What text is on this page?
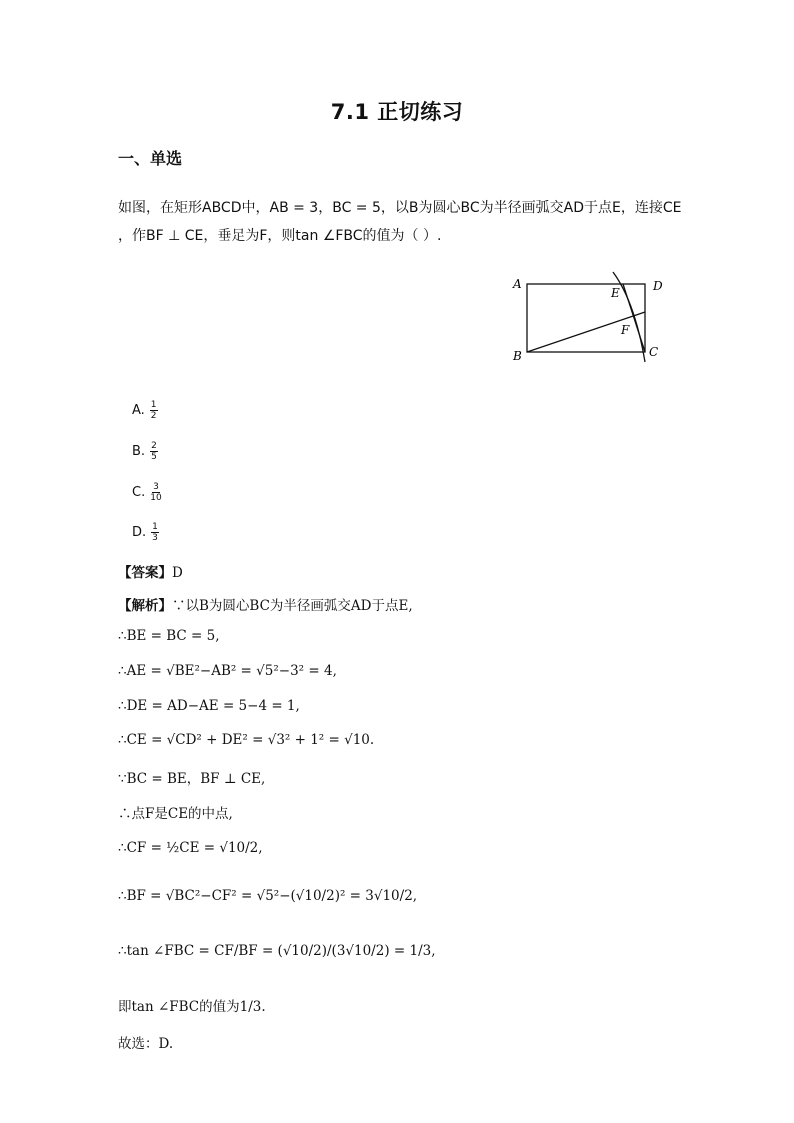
7.1 正切练习
一、单选
如图，在矩形ABCD中，AB = 3，BC = 5，以B为圆心BC为半径画弧交AD于点E，连接CE
，作BF ⊥ CE，垂足为F，则tan ∠FBC的值为（ ）.
A
B	C
D
E
F
A. $\frac{1}{2}$
B. $\frac{2}{5}$
C. $\frac{3}{10}$
D. $\frac{1}{3}$
【答案】D
【解析】∵以B为圆心BC为半径画弧交AD于点E,
∴BE = BC = 5,
∴AE = √BE²−AB² = √5²−3² = 4,
∴DE = AD−AE = 5−4 = 1,
∴CE = √CD² + DE² = √3² + 1² = √10.
∵BC = BE，BF ⊥ CE,
∴点F是CE的中点,
∴CF = ½CE = √10/2,
∴BF = √BC²−CF² = √5²−(√10/2)² = 3√10/2,
∴tan ∠FBC = CF/BF = (√10/2)/(3√10/2) = 1/3,
即tan ∠FBC的值为1/3.
故选：D.
